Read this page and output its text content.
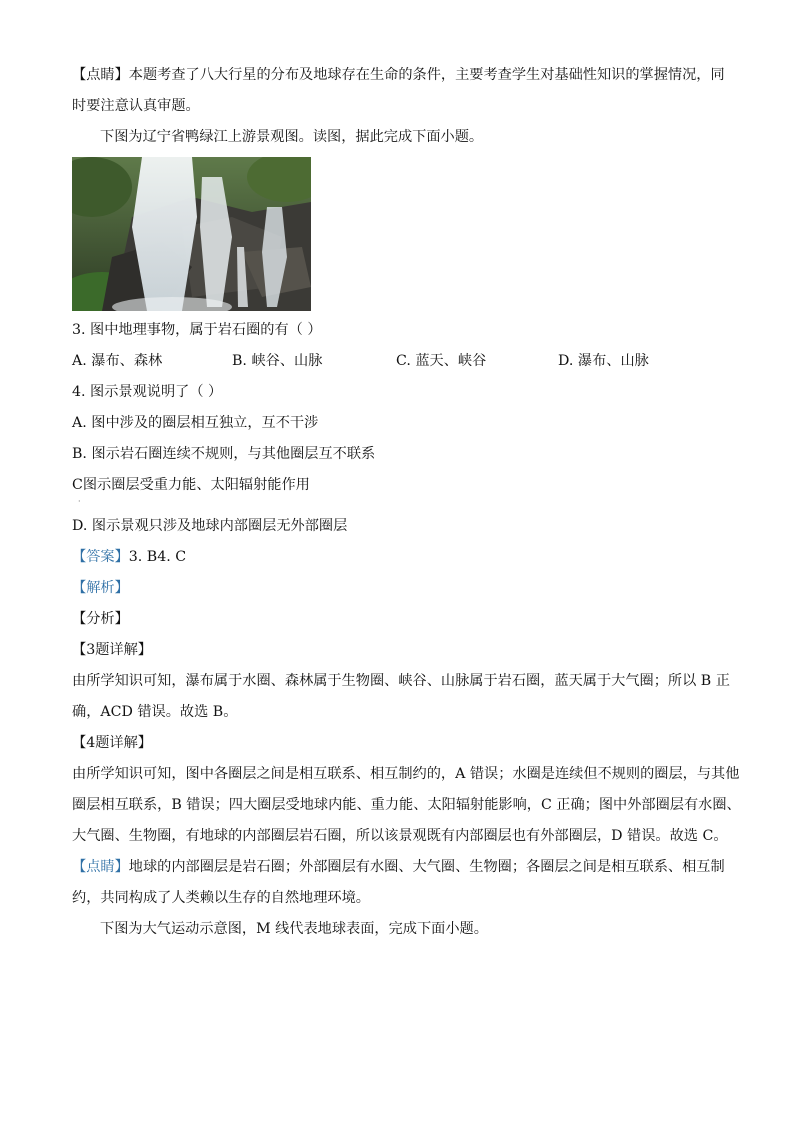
【点睛】本题考查了八大行星的分布及地球存在生命的条件，主要考查学生对基础性知识的掌握情况，同
时要注意认真审题。
下图为辽宁省鸭绿江上游景观图。读图，据此完成下面小题。
3. 图中地理事物，属于岩石圈的有（ ）
A. 瀑布、森林	B. 峡谷、山脉	C. 蓝天、峡谷	D. 瀑布、山脉
4. 图示景观说明了（ ）
A. 图中涉及的圈层相互独立，互不干涉
B. 图示岩石圈连续不规则，与其他圈层互不联系
C图示圈层受重力能、太阳辐射能作用
·
D. 图示景观只涉及地球内部圈层无外部圈层
【答案】3. B4. C
【解析】
【分析】
【3题详解】
由所学知识可知，瀑布属于水圈、森林属于生物圈、峡谷、山脉属于岩石圈，蓝天属于大气圈；所以 B 正
确，ACD 错误。故选 B。
【4题详解】
由所学知识可知，图中各圈层之间是相互联系、相互制约的，A 错误；水圈是连续但不规则的圈层，与其他
圈层相互联系，B 错误；四大圈层受地球内能、重力能、太阳辐射能影响，C 正确；图中外部圈层有水圈、
大气圈、生物圈，有地球的内部圈层岩石圈，所以该景观既有内部圈层也有外部圈层，D 错误。故选 C。
【点睛】地球的内部圈层是岩石圈；外部圈层有水圈、大气圈、生物圈；各圈层之间是相互联系、相互制
约，共同构成了人类赖以生存的自然地理环境。
下图为大气运动示意图，M 线代表地球表面，完成下面小题。
